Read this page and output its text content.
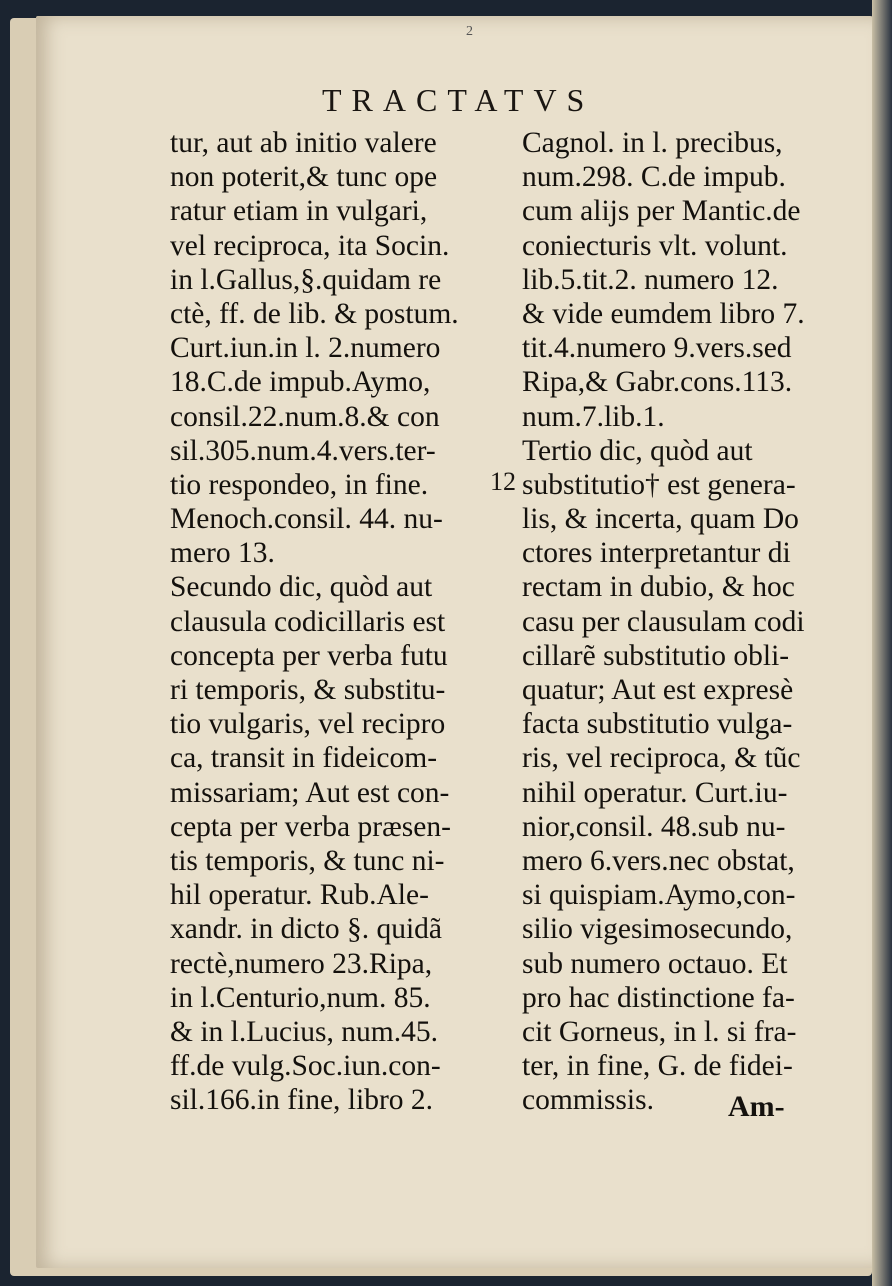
2
TRACTATVS
tur, aut ab initio valere
non poterit,& tunc ope
ratur etiam in vulgari,
vel reciproca, ita Socin.
in l.Gallus,§.quidam re
ctè, ff. de lib. & postum.
Curt.iun.in l. 2.numero
18.C.de impub.Aymo,
consil.22.num.8.& con
sil.305.num.4.vers.ter-
tio respondeo, in fine.
Menoch.consil. 44. nu-
mero 13.
Secundo dic, quòd aut
clausula codicillaris est
concepta per verba futu
ri temporis, & substitu-
tio vulgaris, vel recipro
ca, transit in fideicom-
missariam; Aut est con-
cepta per verba præsen-
tis temporis, & tunc ni-
hil operatur. Rub.Ale-
xandr. in dicto §. quidã
rectè,numero 23.Ripa,
in l.Centurio,num. 85.
& in l.Lucius, num.45.
ff.de vulg.Soc.iun.con-
sil.166.in fine, libro 2.
Cagnol. in l. precibus,
num.298. C.de impub.
cum alijs per Mantic.de
coniecturis vlt. volunt.
lib.5.tit.2. numero 12.
& vide eumdem libro 7.
tit.4.numero 9.vers.sed
Ripa,& Gabr.cons.113.
num.7.lib.1.
Tertio dic, quòd aut
substitutio† est genera-
lis, & incerta, quam Do
ctores interpretantur di
rectam in dubio, & hoc
casu per clausulam codi
cillarẽ substitutio obli-
quatur; Aut est expresè
facta substitutio vulga-
ris, vel reciproca, & tũc
nihil operatur. Curt.iu-
nior,consil. 48.sub nu-
mero 6.vers.nec obstat,
si quispiam.Aymo,con-
silio vigesimosecundo,
sub numero octauo. Et
pro hac distinctione fa-
cit Gorneus, in l. si fra-
ter, in fine, G. de fidei-
commissis.
12
Am-
